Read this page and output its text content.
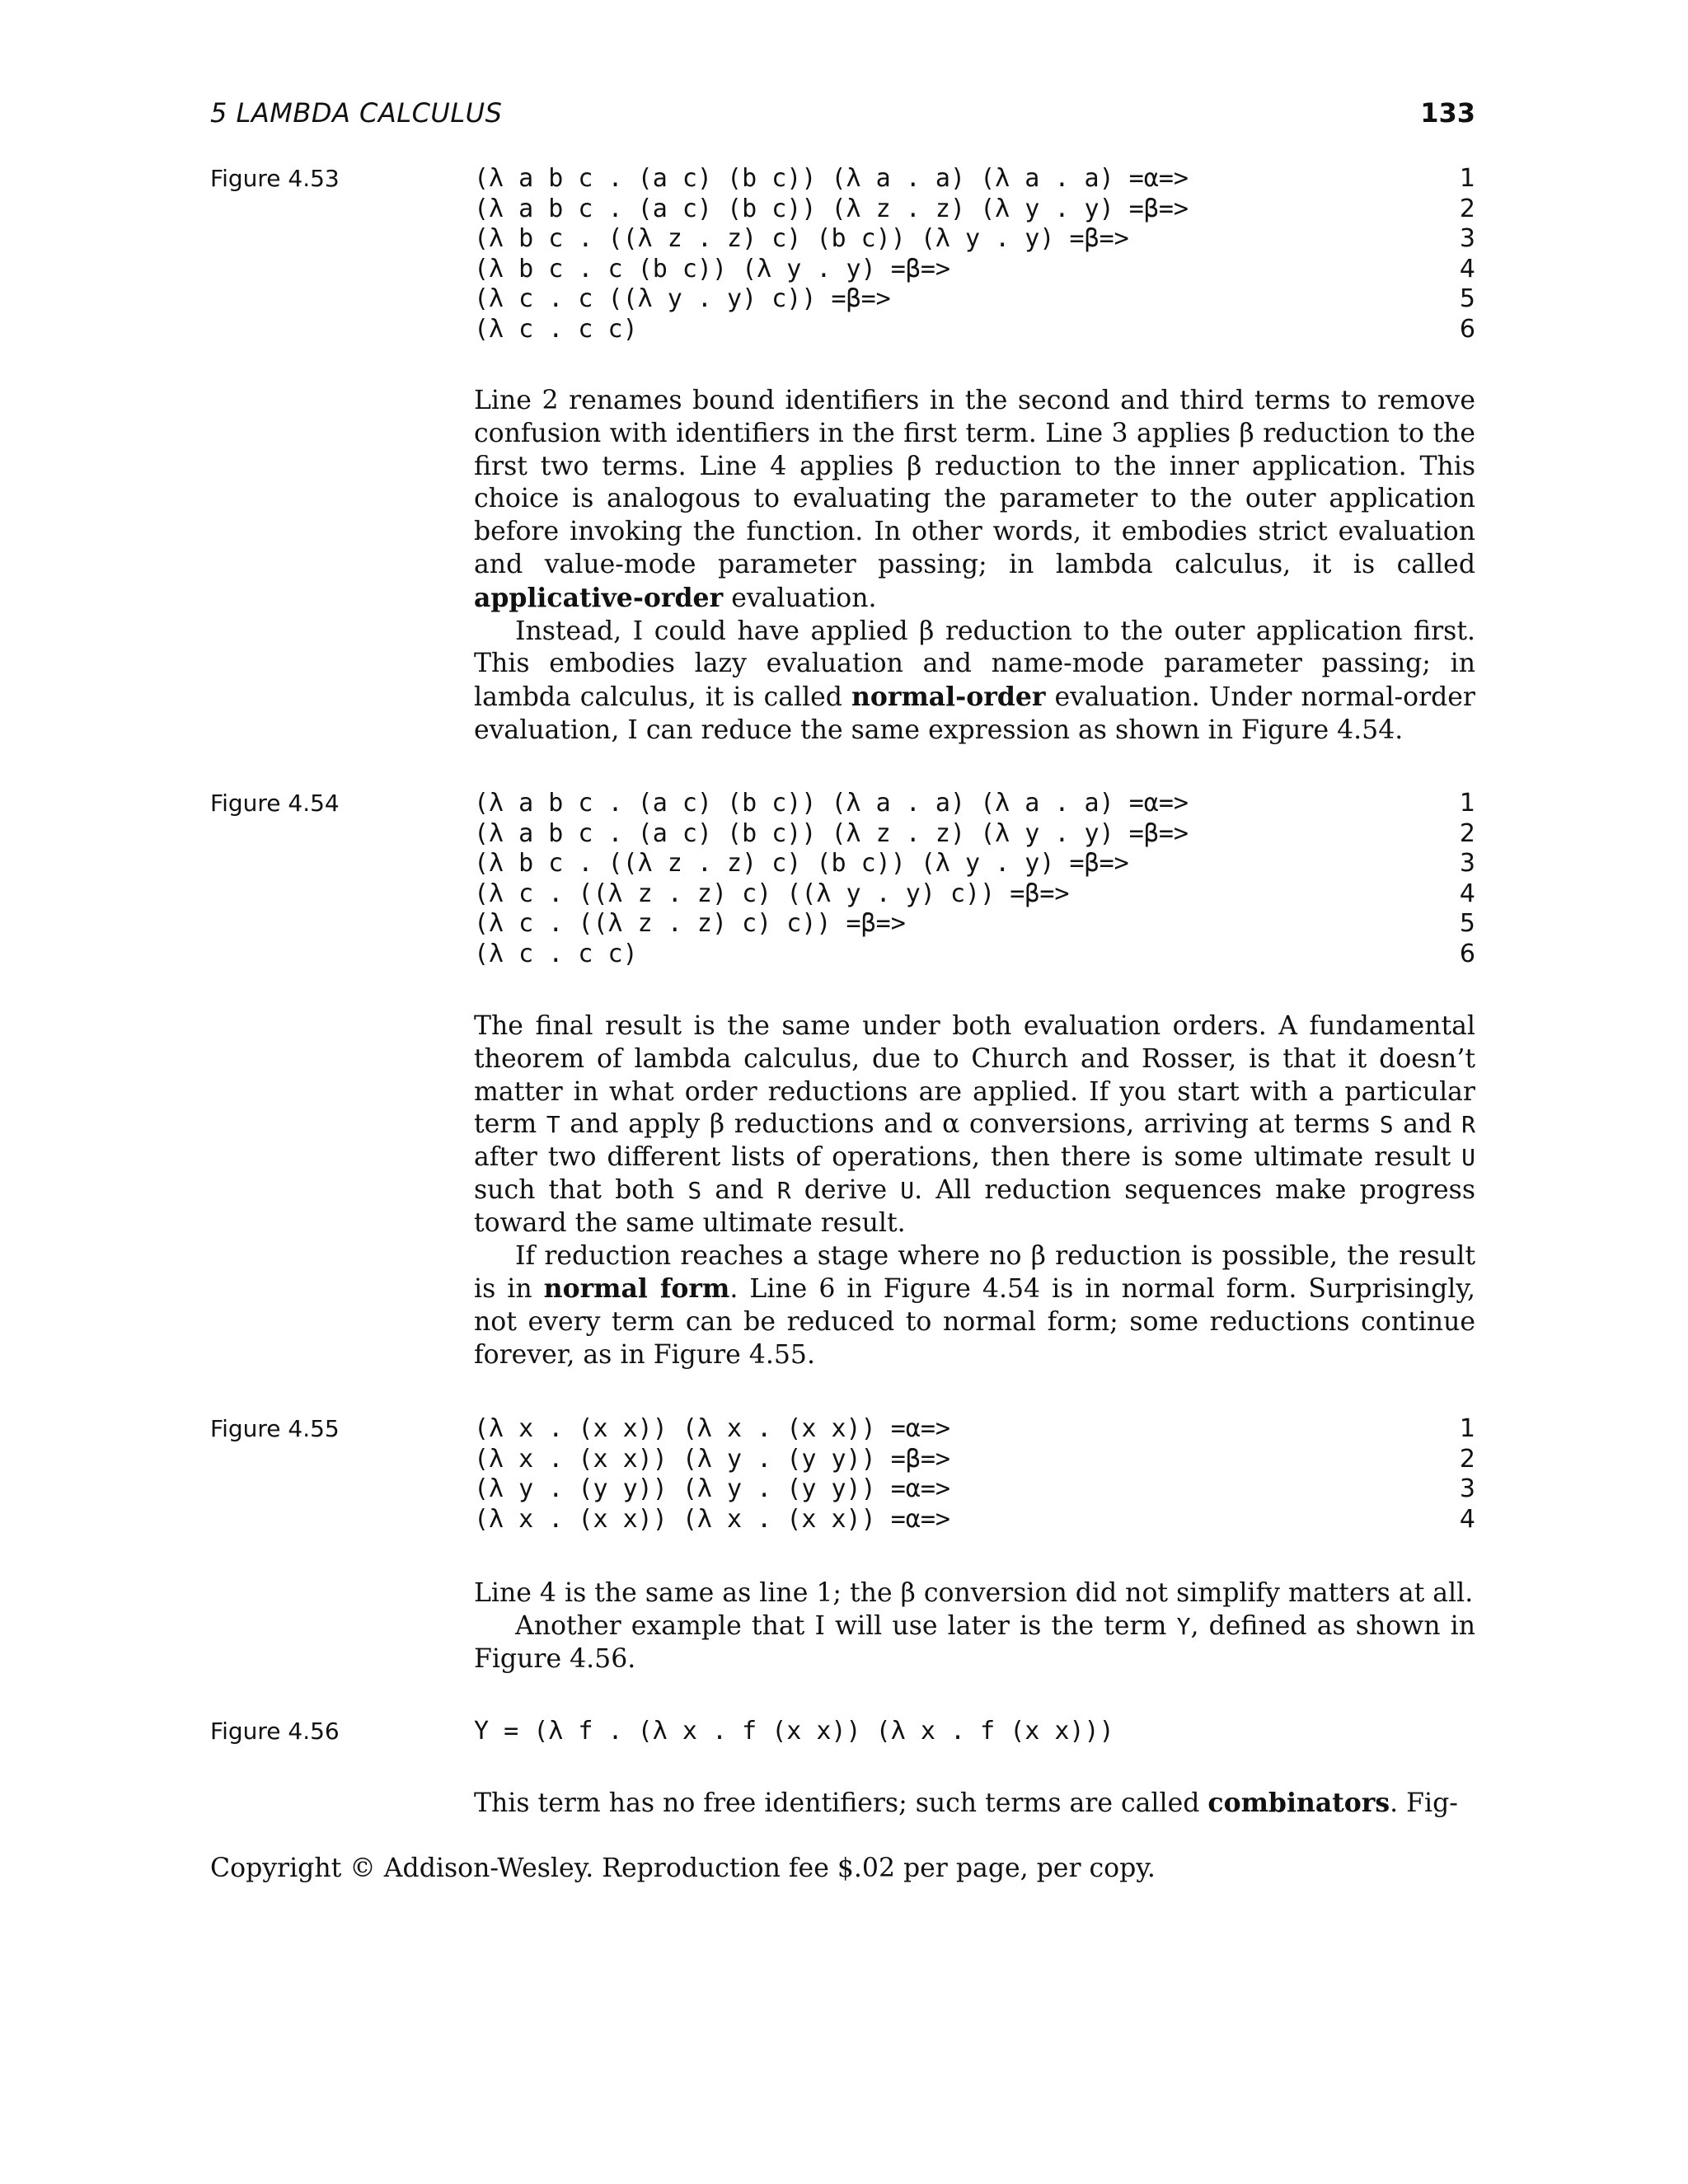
5 LAMBDA CALCULUS	133
Figure 4.53	(λ a b c . (a c) (b c)) (λ a . a) (λ a . a) =α=>	1
(λ a b c . (a c) (b c)) (λ z . z) (λ y . y) =β=>	2
(λ b c . ((λ z . z) c) (b c)) (λ y . y) =β=>	3
(λ b c . c (b c)) (λ y . y) =β=>	4
(λ c . c ((λ y . y) c)) =β=>	5
(λ c . c c)	6

Line 2 renames bound identifiers in the second and third terms to remove confusion with identifiers in the first term. Line 3 applies β reduction to the first two terms. Line 4 applies β reduction to the inner application. This choice is analogous to evaluating the parameter to the outer application before invoking the function. In other words, it embodies strict evaluation and value-mode parameter passing; in lambda calculus, it is called applicative-order evaluation.

Instead, I could have applied β reduction to the outer application first. This embodies lazy evaluation and name-mode parameter passing; in lambda calculus, it is called normal-order evaluation. Under normal-order evaluation, I can reduce the same expression as shown in Figure 4.54.

Figure 4.54	(λ a b c . (a c) (b c)) (λ a . a) (λ a . a) =α=>	1
(λ a b c . (a c) (b c)) (λ z . z) (λ y . y) =β=>	2
(λ b c . ((λ z . z) c) (b c)) (λ y . y) =β=>	3
(λ c . ((λ z . z) c) ((λ y . y) c)) =β=>	4
(λ c . ((λ z . z) c) c)) =β=>	5
(λ c . c c)	6

The final result is the same under both evaluation orders. A fundamental theorem of lambda calculus, due to Church and Rosser, is that it doesn’t matter in what order reductions are applied. If you start with a particular term T and apply β reductions and α conversions, arriving at terms S and R after two different lists of operations, then there is some ultimate result U such that both S and R derive U. All reduction sequences make progress toward the same ultimate result.

If reduction reaches a stage where no β reduction is possible, the result is in normal form. Line 6 in Figure 4.54 is in normal form. Surprisingly, not every term can be reduced to normal form; some reductions continue forever, as in Figure 4.55.

Figure 4.55	(λ x . (x x)) (λ x . (x x)) =α=>	1
(λ x . (x x)) (λ y . (y y)) =β=>	2
(λ y . (y y)) (λ y . (y y)) =α=>	3
(λ x . (x x)) (λ x . (x x)) =α=>	4

Line 4 is the same as line 1; the β conversion did not simplify matters at all.

Another example that I will use later is the term Y, defined as shown in Figure 4.56.

Figure 4.56	Y = (λ f . (λ x . f (x x)) (λ x . f (x x)))

This term has no free identifiers; such terms are called combinators. Fig-

Copyright © Addison-Wesley. Reproduction fee $.02 per page, per copy.
